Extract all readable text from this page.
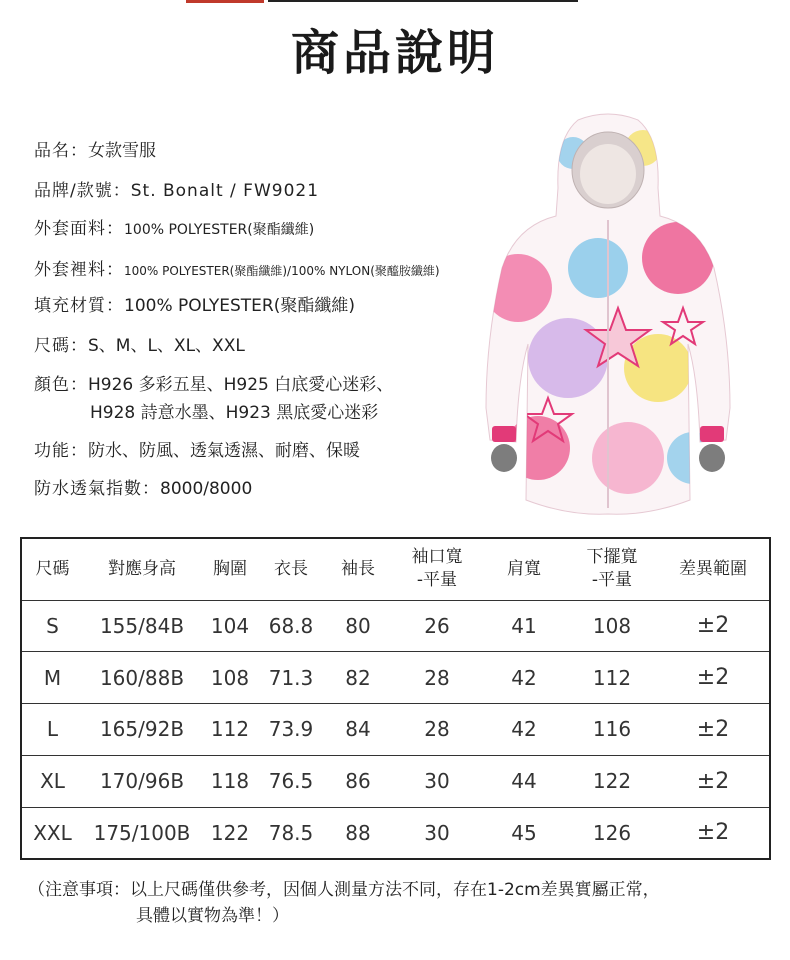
商品說明
品名：女款雪服
品牌/款號：St. Bonalt / FW9021
外套面料：100% POLYESTER(聚酯纖維)
外套裡料：100% POLYESTER(聚酯纖維)/100% NYLON(聚醯胺纖維)
填充材質：100% POLYESTER(聚酯纖維)
尺碼：S、M、L、XL、XXL
顏色：H926 多彩五星、H925 白底愛心迷彩、
H928 詩意水墨、H923 黑底愛心迷彩
功能：防水、防風、透氣透濕、耐磨、保暖
防水透氣指數：8000/8000
尺碼	對應身高	胸圍	衣長	袖長	袖口寬
-平量	肩寬	下擺寬
-平量	差異範圍
S	155/84B	104	68.8	80	26	41	108	±2
M	160/88B	108	71.3	82	28	42	112	±2
L	165/92B	112	73.9	84	28	42	116	±2
XL	170/96B	118	76.5	86	30	44	122	±2
XXL	175/100B	122	78.5	88	30	45	126	±2
（注意事項：以上尺碼僅供參考，因個人測量方法不同，存在1-2cm差異實屬正常，
具體以實物為準！）
